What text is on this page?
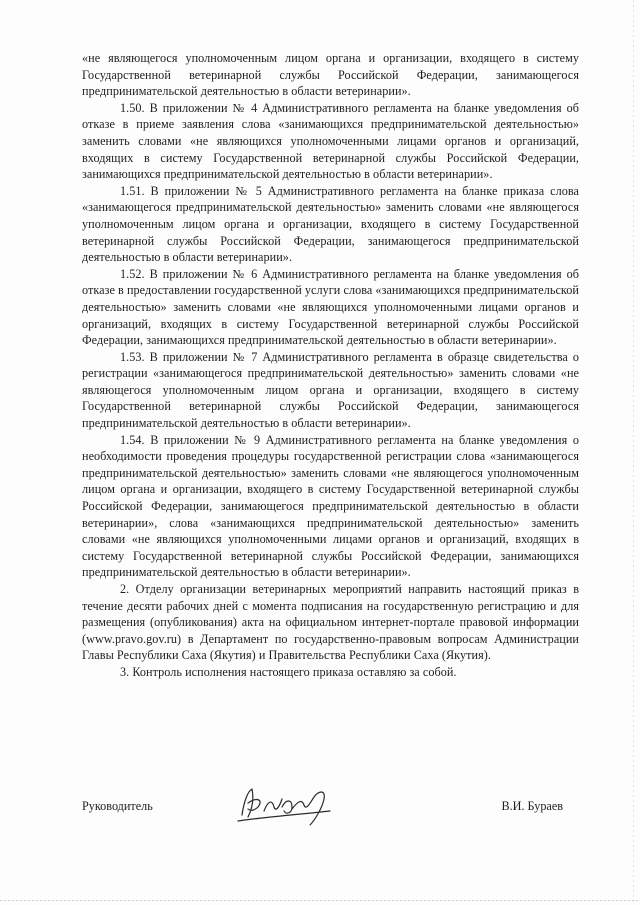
«не являющегося уполномоченным лицом органа и организации, входящего в систему Государственной ветеринарной службы Российской Федерации, занимающегося предпринимательской деятельностью в области ветеринарии».

1.50. В приложении № 4 Административного регламента на бланке уведомления об отказе в приеме заявления слова «занимающихся предпринимательской деятельностью» заменить словами «не являющихся уполномоченными лицами органов и организаций, входящих в систему Государственной ветеринарной службы Российской Федерации, занимающихся предпринимательской деятельностью в области ветеринарии».

1.51. В приложении № 5 Административного регламента на бланке приказа слова «занимающегося предпринимательской деятельностью» заменить словами «не являющегося уполномоченным лицом органа и организации, входящего в систему Государственной ветеринарной службы Российской Федерации, занимающегося предпринимательской деятельностью в области ветеринарии».

1.52. В приложении № 6 Административного регламента на бланке уведомления об отказе в предоставлении государственной услуги слова «занимающихся предпринимательской деятельностью» заменить словами «не являющихся уполномоченными лицами органов и организаций, входящих в систему Государственной ветеринарной службы Российской Федерации, занимающихся предпринимательской деятельностью в области ветеринарии».

1.53. В приложении № 7 Административного регламента в образце свидетельства о регистрации «занимающегося предпринимательской деятельностью» заменить словами «не являющегося уполномоченным лицом органа и организации, входящего в систему Государственной ветеринарной службы Российской Федерации, занимающегося предпринимательской деятельностью в области ветеринарии».

1.54. В приложении № 9 Административного регламента на бланке уведомления о необходимости проведения процедуры государственной регистрации слова «занимающегося предпринимательской деятельностью» заменить словами «не являющегося уполномоченным лицом органа и организации, входящего в систему Государственной ветеринарной службы Российской Федерации, занимающегося предпринимательской деятельностью в области ветеринарии», слова «занимающихся предпринимательской деятельностью» заменить словами «не являющихся уполномоченными лицами органов и организаций, входящих в систему Государственной ветеринарной службы Российской Федерации, занимающихся предпринимательской деятельностью в области ветеринарии».

2. Отделу организации ветеринарных мероприятий направить настоящий приказ в течение десяти рабочих дней с момента подписания на государственную регистрацию и для размещения (опубликования) акта на официальном интернет-портале правовой информации (www.pravo.gov.ru) в Департамент по государственно-правовым вопросам Администрации Главы Республики Саха (Якутия) и Правительства Республики Саха (Якутия).

3. Контроль исполнения настоящего приказа оставляю за собой.

Руководитель	В.И. Бураев
